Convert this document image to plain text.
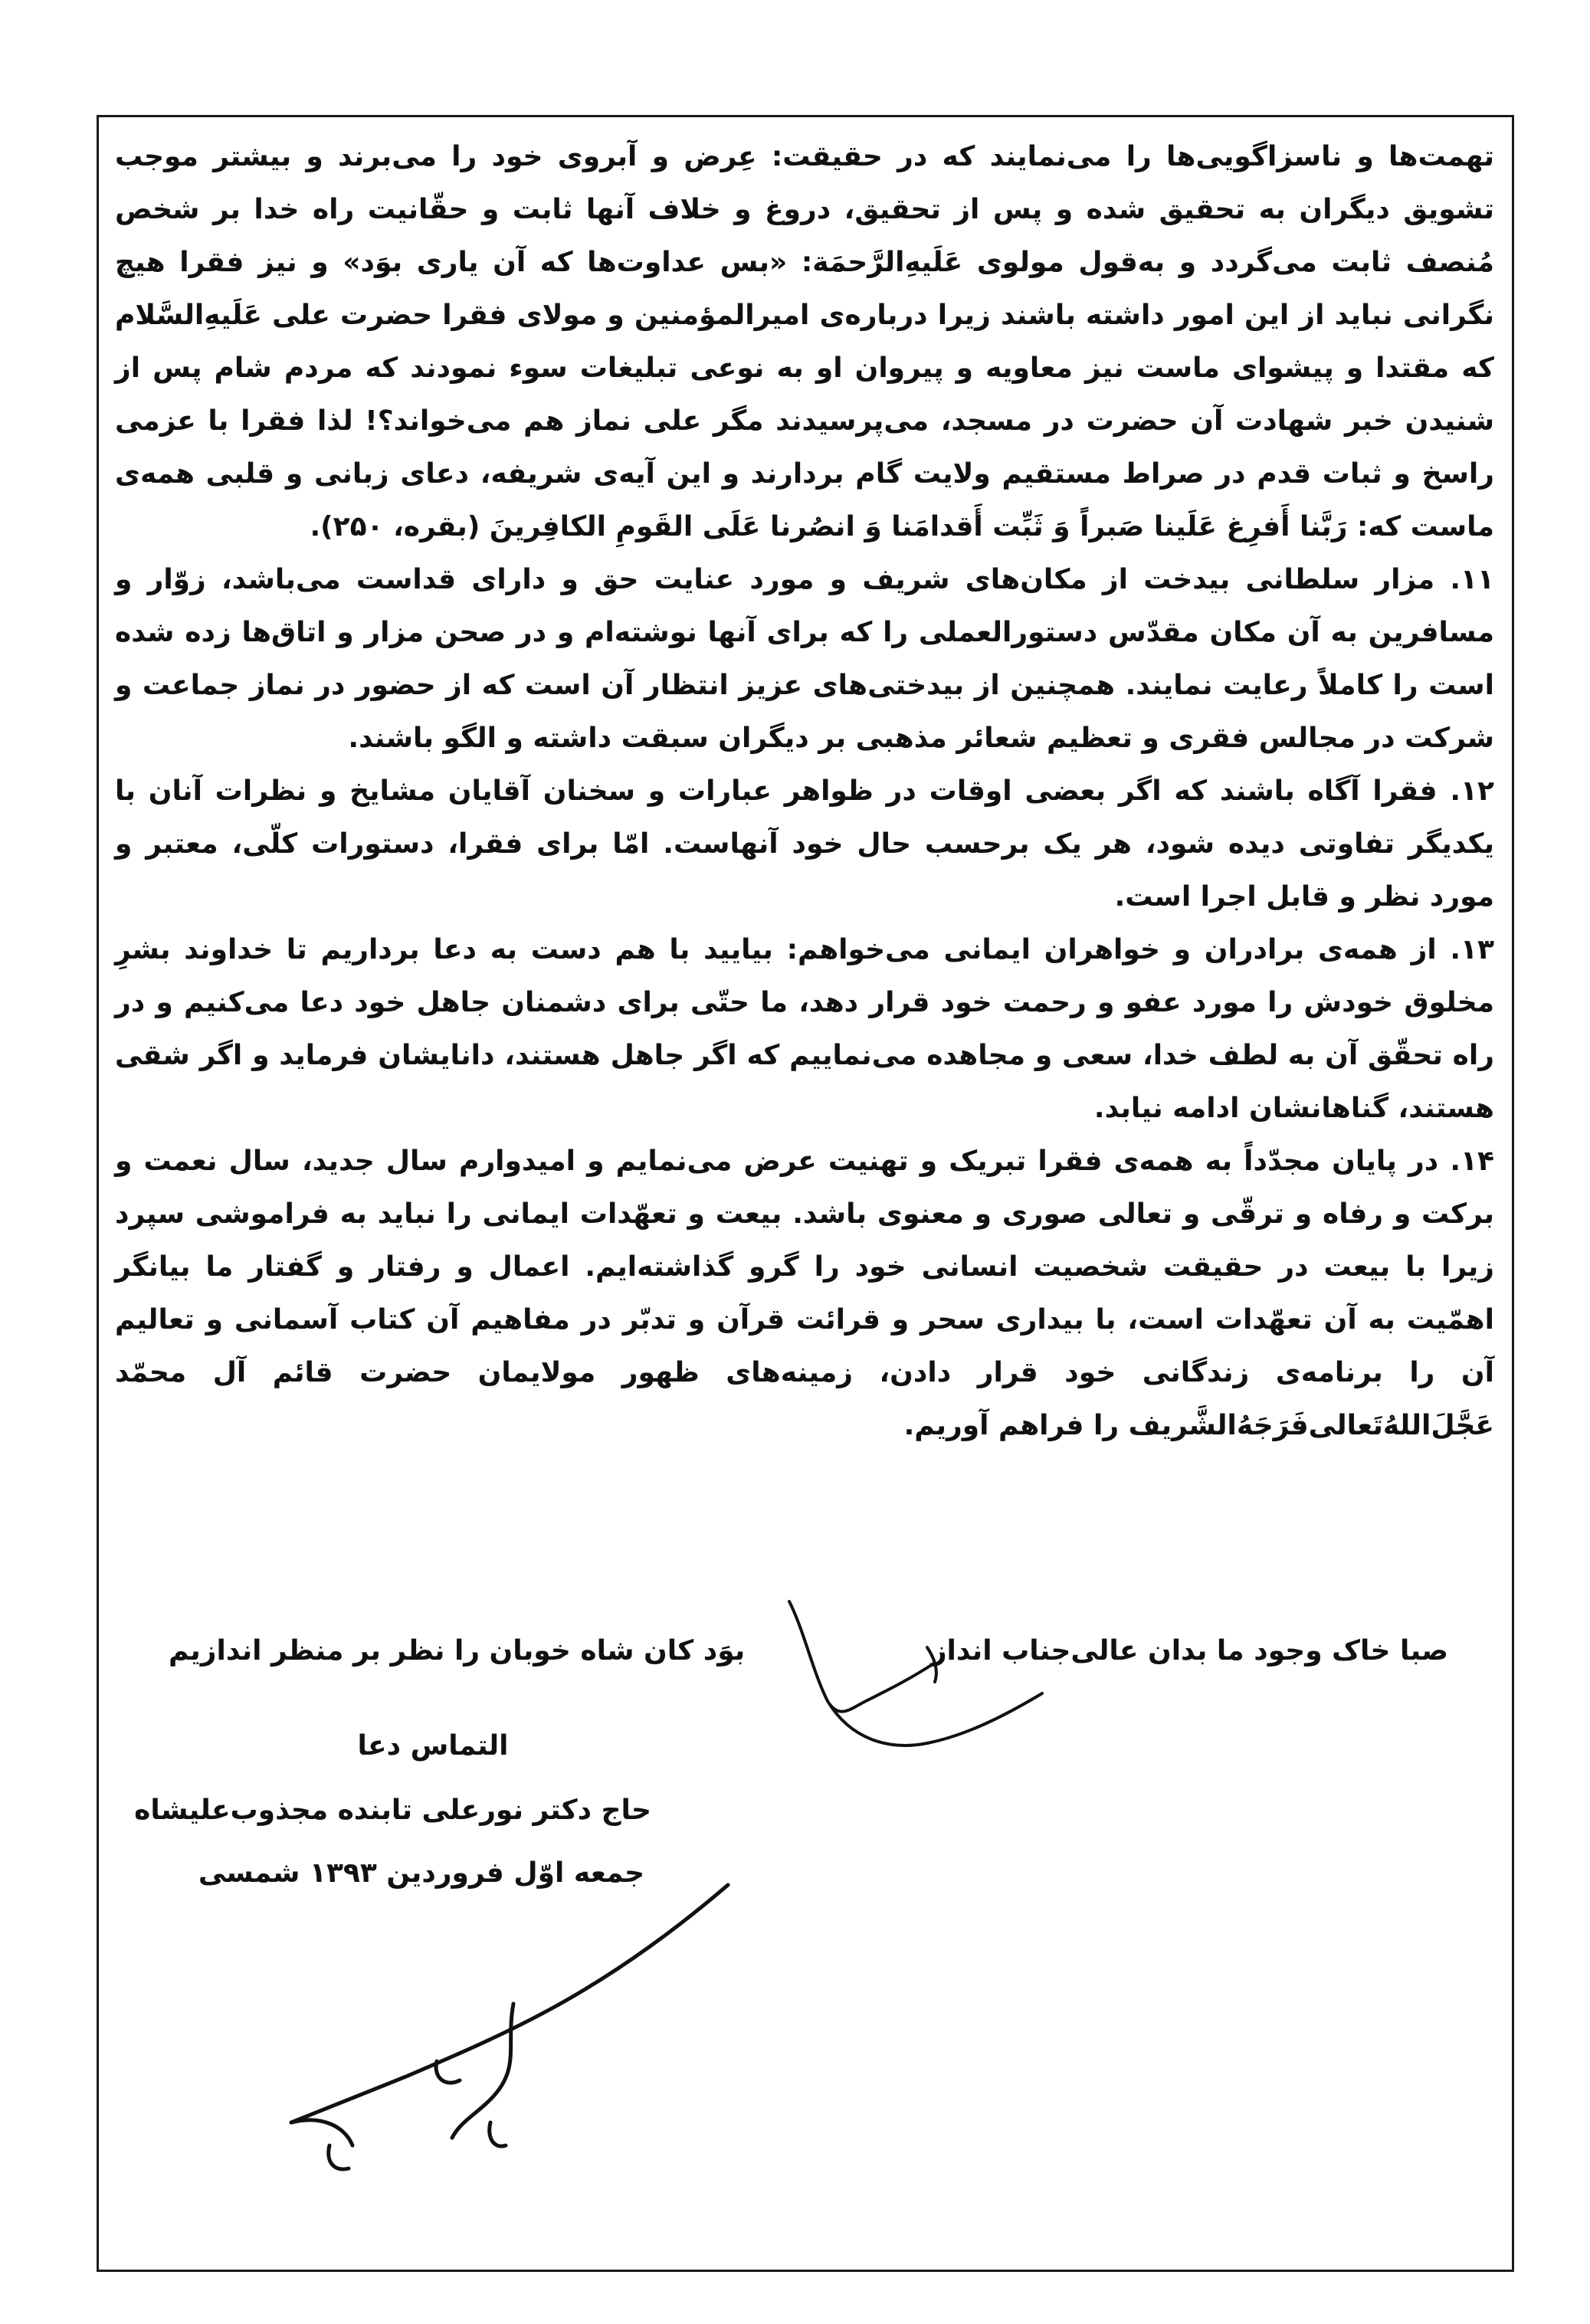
تهمت‌ها و ناسزاگویی‌ها را می‌نمایند که در حقیقت: عِرض و آبروی خود را می‌برند و بیشتر موجب تشویق دیگران به تحقیق شده و پس از تحقیق، دروغ و خلاف آنها ثابت و حقّانیت راه خدا بر شخص مُنصف ثابت می‌گردد و به‌قول مولوی عَلَیهِ‌الرَّحمَة: «بس عداوت‌ها که آن یاری بوَد» و نیز فقرا هیچ نگرانی نباید از این امور داشته باشند زیرا درباره‌ی امیرالمؤمنین و مولای فقرا حضرت علی عَلَیهِ‌السَّلام که مقتدا و پیشوای ماست نیز معاویه و پیروان او به نوعی تبلیغات سوء نمودند که مردم شام پس از شنیدن خبر شهادت آن حضرت در مسجد، می‌پرسیدند مگر علی نماز هم می‌خواند؟! لذا فقرا با عزمی راسخ و ثبات قدم در صراط مستقیم ولایت گام بردارند و این آیه‌ی شریفه، دعای زبانی و قلبی همه‌ی ماست که: رَبَّنا أَفرِغ عَلَینا صَبراً وَ ثَبِّت أَقدامَنا وَ انصُرنا عَلَی القَومِ الکافِرینَ (بقره، ۲۵۰).

۱۱. مزار سلطانی بیدخت از مکان‌های شریف و مورد عنایت حق و دارای قداست می‌باشد، زوّار و مسافرین به آن مکان مقدّس دستورالعملی را که برای آنها نوشته‌ام و در صحن مزار و اتاق‌ها زده شده است را کاملاً رعایت نمایند. همچنین از بیدختی‌های عزیز انتظار آن است که از حضور در نماز جماعت و شرکت در مجالس فقری و تعظیم شعائر مذهبی بر دیگران سبقت داشته و الگو باشند.

۱۲. فقرا آگاه باشند که اگر بعضی اوقات در ظواهر عبارات و سخنان آقایان مشایخ و نظرات آنان با یکدیگر تفاوتی دیده شود، هر یک برحسب حال خود آنهاست. امّا برای فقرا، دستورات کلّی، معتبر و مورد نظر و قابل اجرا است.

۱۳. از همه‌ی برادران و خواهران ایمانی می‌خواهم: بیایید با هم دست به دعا برداریم تا خداوند بشرِ مخلوق خودش را مورد عفو و رحمت خود قرار دهد، ما حتّی برای دشمنان جاهل خود دعا می‌کنیم و در راه تحقّق آن به لطف خدا، سعی و مجاهده می‌نماییم که اگر جاهل هستند، دانایشان فرماید و اگر شقی هستند، گناهانشان ادامه نیابد.

۱۴. در پایان مجدّداً به همه‌ی فقرا تبریک و تهنیت عرض می‌نمایم و امیدوارم سال جدید، سال نعمت و برکت و رفاه و ترقّی و تعالی صوری و معنوی باشد. بیعت و تعهّدات ایمانی را نباید به فراموشی سپرد زیرا با بیعت در حقیقت شخصیت انسانی خود را گرو گذاشته‌ایم. اعمال و رفتار و گفتار ما بیانگر اهمّیت به آن تعهّدات است، با بیداری سحر و قرائت قرآن و تدبّر در مفاهیم آن کتاب آسمانی و تعالیم آن را برنامه‌ی زندگانی خود قرار دادن، زمینه‌های ظهور مولایمان حضرت قائم آل محمّد عَجَّلَ‌اللهُ‌تَعالی‌فَرَجَهُ‌الشَّریف را فراهم آوریم.

صبا خاک وجود ما بدان عالی‌جناب انداز
بوَد کان شاه خوبان را نظر بر منظر اندازیم
التماس دعا
حاج دکتر نورعلی تابنده مجذوب‌علیشاه
جمعه اوّل فروردین ۱۳۹۳ شمسی
